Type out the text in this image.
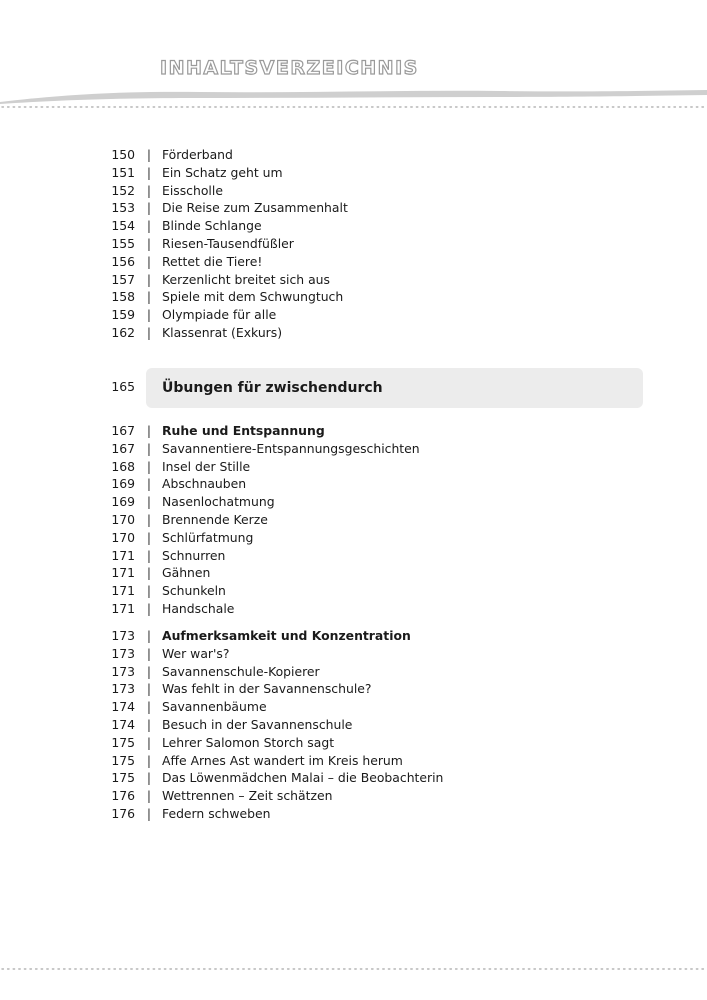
INHALTSVERZEICHNIS
150 | Förderband
151 | Ein Schatz geht um
152 | Eisscholle
153 | Die Reise zum Zusammenhalt
154 | Blinde Schlange
155 | Riesen-Tausendfüßler
156 | Rettet die Tiere!
157 | Kerzenlicht breitet sich aus
158 | Spiele mit dem Schwungtuch
159 | Olympiade für alle
162 | Klassenrat (Exkurs)
167 | Ruhe und Entspannung
167 | Savannentiere-Entspannungsgeschichten
168 | Insel der Stille
169 | Abschnauben
169 | Nasenlochatmung
170 | Brennende Kerze
170 | Schlürfatmung
171 | Schnurren
171 | Gähnen
171 | Schunkeln
171 | Handschale
173 | Aufmerksamkeit und Konzentration
173 | Wer war's?
173 | Savannenschule-Kopierer
173 | Was fehlt in der Savannenschule?
174 | Savannenbäume
174 | Besuch in der Savannenschule
175 | Lehrer Salomon Storch sagt
175 | Affe Arnes Ast wandert im Kreis herum
175 | Das Löwenmädchen Malai – die Beobachterin
176 | Wettrennen – Zeit schätzen
176 | Federn schweben
165 Übungen für zwischendurch
